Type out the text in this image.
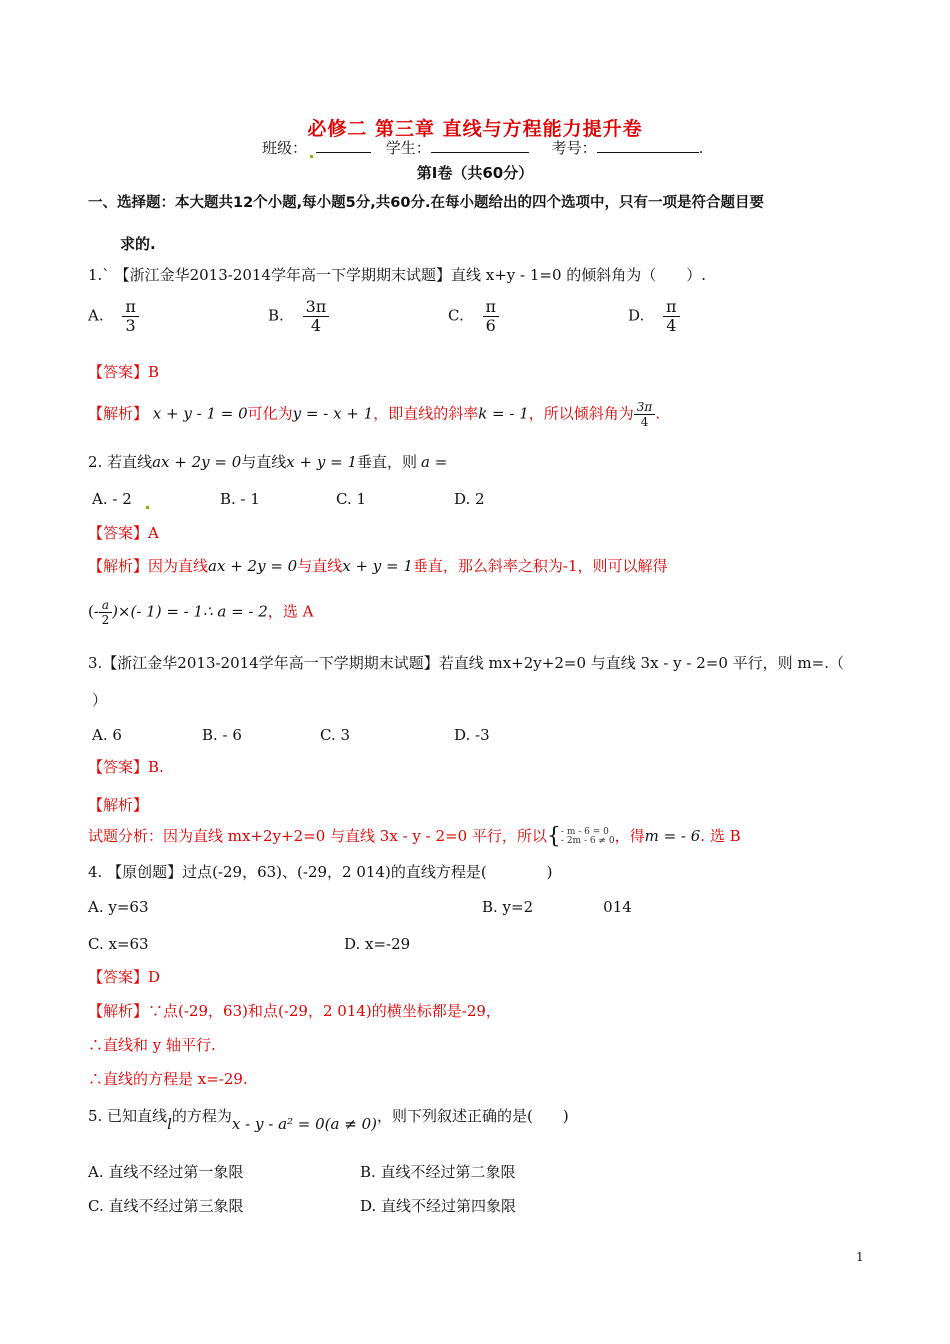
必修二 第三章 直线与方程能力提升卷
班级：	学生：	考号：	.
第Ⅰ卷（共60分）
一、选择题：本大题共12个小题,每小题5分,共60分.在每小题给出的四个选项中，只有一项是符合题目要
求的.
1.` 【浙江金华2013-2014学年高一下学期期末试题】直线 x+y - 1=0 的倾斜角为（　　）.
A. $\frac{\pi}{3}$	B. $\frac{3\pi}{4}$	C. $\frac{\pi}{6}$	D. $\frac{\pi}{4}$
【答案】B
【解析】 x + y - 1 = 0可化为y = - x + 1，即直线的斜率k = - 1，所以倾斜角为 $\frac{3\pi}{4}$ .
2. 若直线ax + 2y = 0与直线x + y = 1垂直，则 a =
A. - 2	B. - 1	C. 1	D. 2
【答案】A
【解析】因为直线ax + 2y = 0与直线x + y = 1垂直，那么斜率之积为-1，则可以解得
(- $\frac{a}{2}$ )×(- 1) = - 1∴ a = - 2，选 A
3.【浙江金华2013-2014学年高一下学期期末试题】若直线 mx+2y+2=0 与直线 3x - y - 2=0 平行，则 m=.（
）
A. 6	B. - 6	C. 3	D. -3
【答案】B.
【解析】
试题分析：因为直线 mx+2y+2=0 与直线 3x - y - 2=0 平行，所以{ - m - 6 = 0
- 2m - 6 ≠ 0 ，得m = - 6. 选 B
4. 【原创题】过点(-29，63)、(-29，2 014)的直线方程是(　　　　)
A. y=63	B. y=2	014
C. x=63	D. x=-29
【答案】D
【解析】∵点(-29，63)和点(-29，2 014)的横坐标都是-29，
∴直线和 y 轴平行.
∴直线的方程是 x=-29.
5. 已知直线l的方程为x - y - a² = 0(a ≠ 0)，则下列叙述正确的是(　　)
A. 直线不经过第一象限	B. 直线不经过第二象限
C. 直线不经过第三象限	D. 直线不经过第四象限
1
